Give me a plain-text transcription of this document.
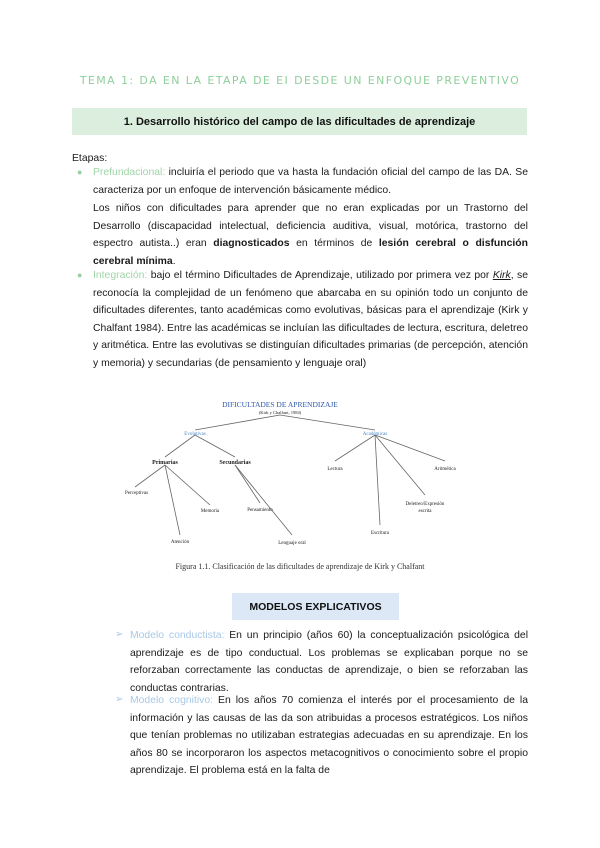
TEMA 1: DA EN LA ETAPA DE EI DESDE UN ENFOQUE PREVENTIVO
1. Desarrollo histórico del campo de las dificultades de aprendizaje
Etapas:
● Prefundacional: incluiría el periodo que va hasta la fundación oficial del campo de las DA. Se caracteriza por un enfoque de intervención básicamente médico.
Los niños con dificultades para aprender que no eran explicadas por un Trastorno del Desarrollo (discapacidad intelectual, deficiencia auditiva, visual, motórica, trastorno del espectro autista..) eran diagnosticados en términos de lesión cerebral o disfunción cerebral mínima.
● Integración: bajo el término Dificultades de Aprendizaje, utilizado por primera vez por Kirk, se reconocía la complejidad de un fenómeno que abarcaba en su opinión todo un conjunto de dificultades diferentes, tanto académicas como evolutivas, básicas para el aprendizaje (Kirk y Chalfant 1984). Entre las académicas se incluían las dificultades de lectura, escritura, deletreo y aritmética. Entre las evolutivas se distinguían dificultades primarias (de percepción, atención y memoria) y secundarias (de pensamiento y lenguaje oral)
DIFICULTADES DE APRENDIZAJE
(Kirk y Chalfant, 1984)
Evolutivas	Académicas
Primarias	Secundarias
Perceptivas
Memoria
Atención
Pensamiento
Lenguaje oral
Lectura	Aritmética
Deletreo/Expresión
escrita
Escritura
Figura 1.1. Clasificación de las dificultades de aprendizaje de Kirk y Chalfant
MODELOS EXPLICATIVOS
➢ Modelo conductista: En un principio (años 60) la conceptualización psicológica del aprendizaje es de tipo conductual. Los problemas se explicaban porque no se reforzaban correctamente las conductas de aprendizaje, o bien se reforzaban las conductas contrarias.
➢ Modelo cognitivo: En los años 70 comienza el interés por el procesamiento de la información y las causas de las da son atribuidas a procesos estratégicos. Los niños que tenían problemas no utilizaban estrategias adecuadas en su aprendizaje. En los años 80 se incorporaron los aspectos metacognitivos o conocimiento sobre el propio aprendizaje. El problema está en la falta de
